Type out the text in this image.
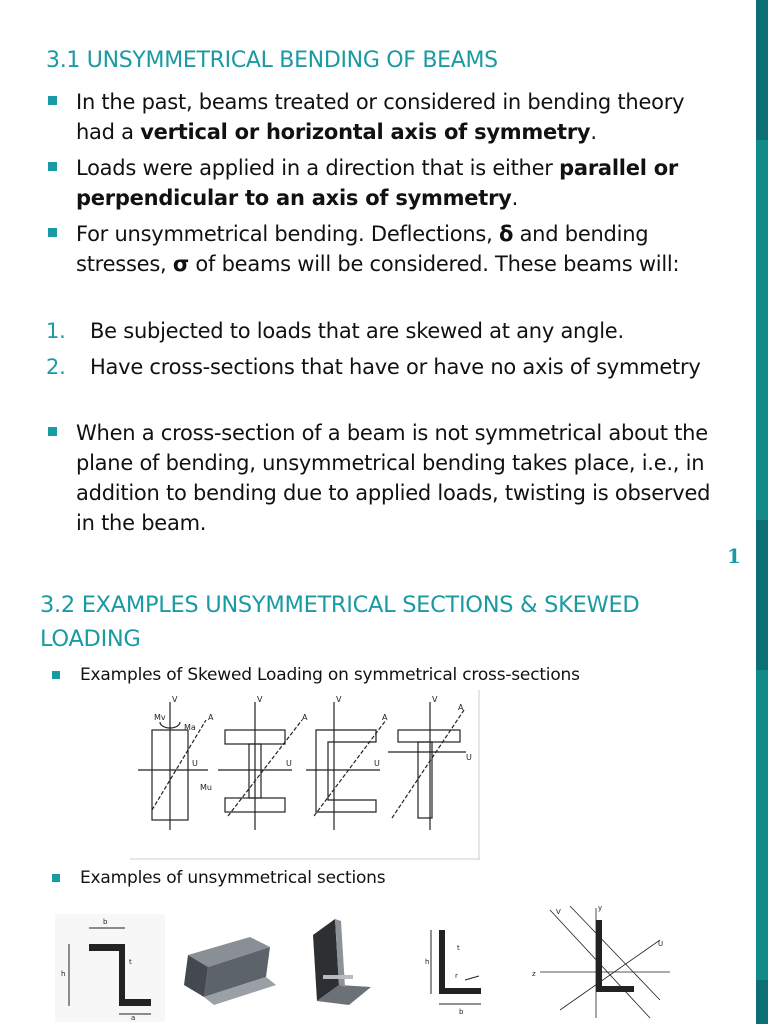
3.1 UNSYMMETRICAL BENDING OF BEAMS
In the past, beams treated or considered in bending theory had a vertical or horizontal axis of symmetry.
Loads were applied in a direction that is either parallel or perpendicular to an axis of symmetry.
For unsymmetrical bending. Deflections, δ and bending stresses, σ of beams will be considered. These beams will:
1. Be subjected to loads that are skewed at any angle.
2. Have cross-sections that have or have no axis of symmetry
When a cross-section of a beam is not symmetrical about the plane of bending, unsymmetrical bending takes place, i.e., in addition to bending due to applied loads, twisting is observed in the beam.
1
3.2 EXAMPLES UNSYMMETRICAL SECTIONS & SKEWED LOADING
Examples of Skewed Loading on symmetrical cross-sections
V	V	V	V
A	A	A
A
U	U	U
U
Mv
Ma
Mu
Examples of unsymmetrical sections
b
h
t
a
h
t
b
r
y
z
U
V
